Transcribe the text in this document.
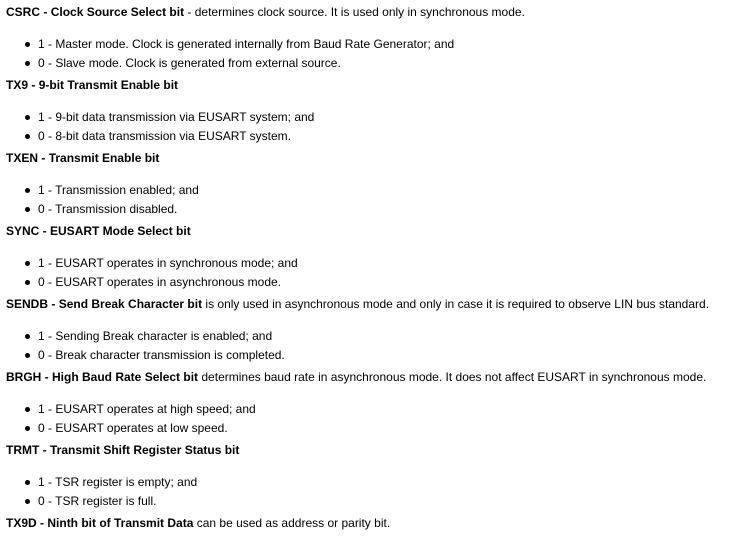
CSRC - Clock Source Select bit - determines clock source. It is used only in synchronous mode.
1 - Master mode. Clock is generated internally from Baud Rate Generator; and
0 - Slave mode. Clock is generated from external source.
TX9 - 9-bit Transmit Enable bit
1 - 9-bit data transmission via EUSART system; and
0 - 8-bit data transmission via EUSART system.
TXEN - Transmit Enable bit
1 - Transmission enabled; and
0 - Transmission disabled.
SYNC - EUSART Mode Select bit
1 - EUSART operates in synchronous mode; and
0 - EUSART operates in asynchronous mode.
SENDB - Send Break Character bit is only used in asynchronous mode and only in case it is required to observe LIN bus standard.
1 - Sending Break character is enabled; and
0 - Break character transmission is completed.
BRGH - High Baud Rate Select bit determines baud rate in asynchronous mode. It does not affect EUSART in synchronous mode.
1 - EUSART operates at high speed; and
0 - EUSART operates at low speed.
TRMT - Transmit Shift Register Status bit
1 - TSR register is empty; and
0 - TSR register is full.
TX9D - Ninth bit of Transmit Data can be used as address or parity bit.
